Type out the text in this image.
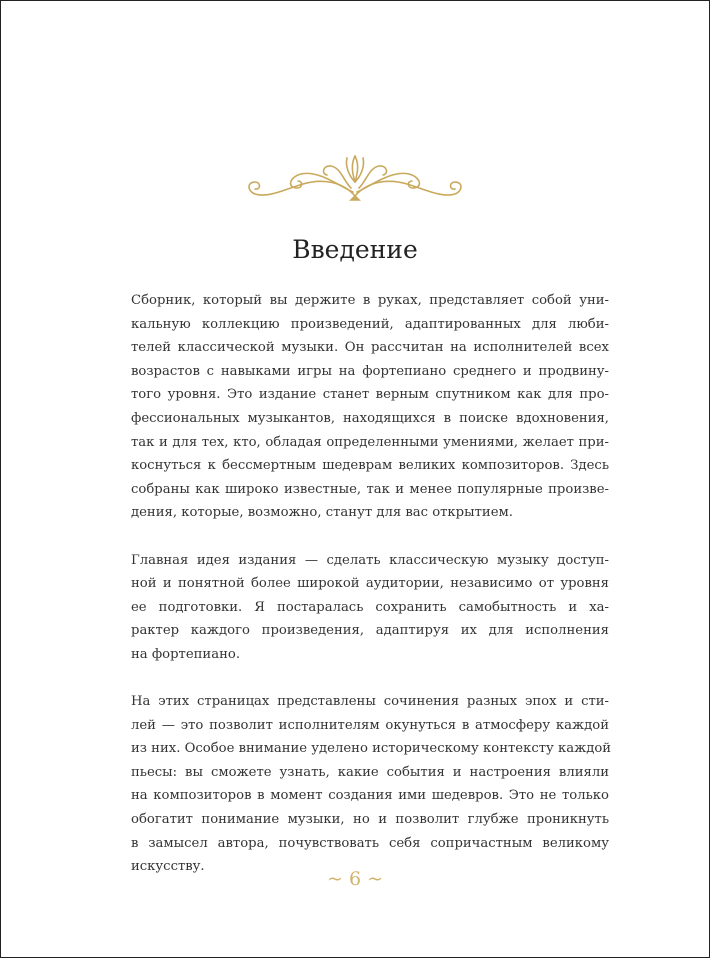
Введение
Сборник, который вы держите в руках, представляет собой уни-
кальную коллекцию произведений, адаптированных для люби-
телей классической музыки. Он рассчитан на исполнителей всех
возрастов с навыками игры на фортепиано среднего и продвину-
того уровня. Это издание станет верным спутником как для про-
фессиональных музыкантов, находящихся в поиске вдохновения,
так и для тех, кто, обладая определенными умениями, желает при-
коснуться к бессмертным шедеврам великих композиторов. Здесь
собраны как широко известные, так и менее популярные произве-
дения, которые, возможно, станут для вас открытием.
Главная идея издания — сделать классическую музыку доступ-
ной и понятной более широкой аудитории, независимо от уровня
ее подготовки. Я постаралась сохранить самобытность и ха-
рактер каждого произведения, адаптируя их для исполнения
на фортепиано.
На этих страницах представлены сочинения разных эпох и сти-
лей — это позволит исполнителям окунуться в атмосферу каждой
из них. Особое внимание уделено историческому контексту каждой
пьесы: вы сможете узнать, какие события и настроения влияли
на композиторов в момент создания ими шедевров. Это не только
обогатит понимание музыки, но и позволит глубже проникнуть
в замысел автора, почувствовать себя сопричастным великому
искусству.
~ 6 ~
